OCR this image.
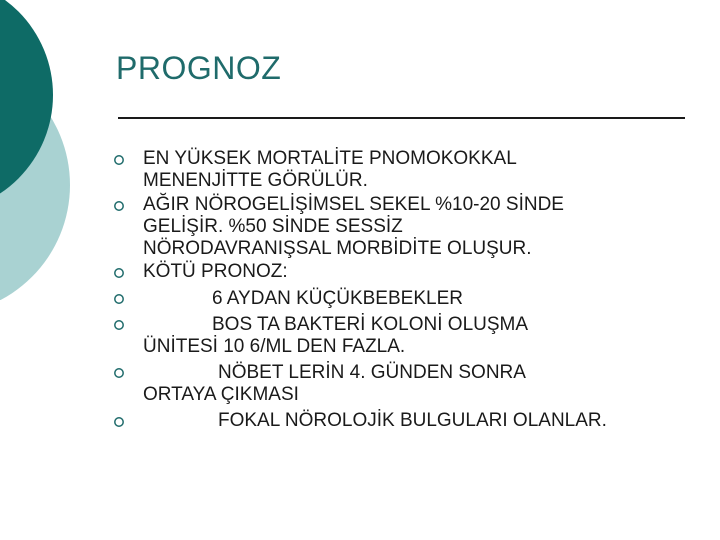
PROGNOZ
EN YÜKSEK MORTALİTE PNOMOKOKKAL
MENENJİTTE GÖRÜLÜR.
AĞIR NÖROGELİŞİMSEL SEKEL %10-20 SİNDE
GELİŞİR. %50 SİNDE SESSİZ
NÖRODAVRANIŞSAL MORBİDİTE OLUŞUR.
KÖTÜ PRONOZ:
6 AYDAN KÜÇÜKBEBEKLER
BOS TA BAKTERİ KOLONİ OLUŞMA
ÜNİTESİ 10 6/ML DEN FAZLA.
NÖBET LERİN 4. GÜNDEN SONRA
ORTAYA ÇIKMASI
FOKAL NÖROLOJİK BULGULARI OLANLAR.
